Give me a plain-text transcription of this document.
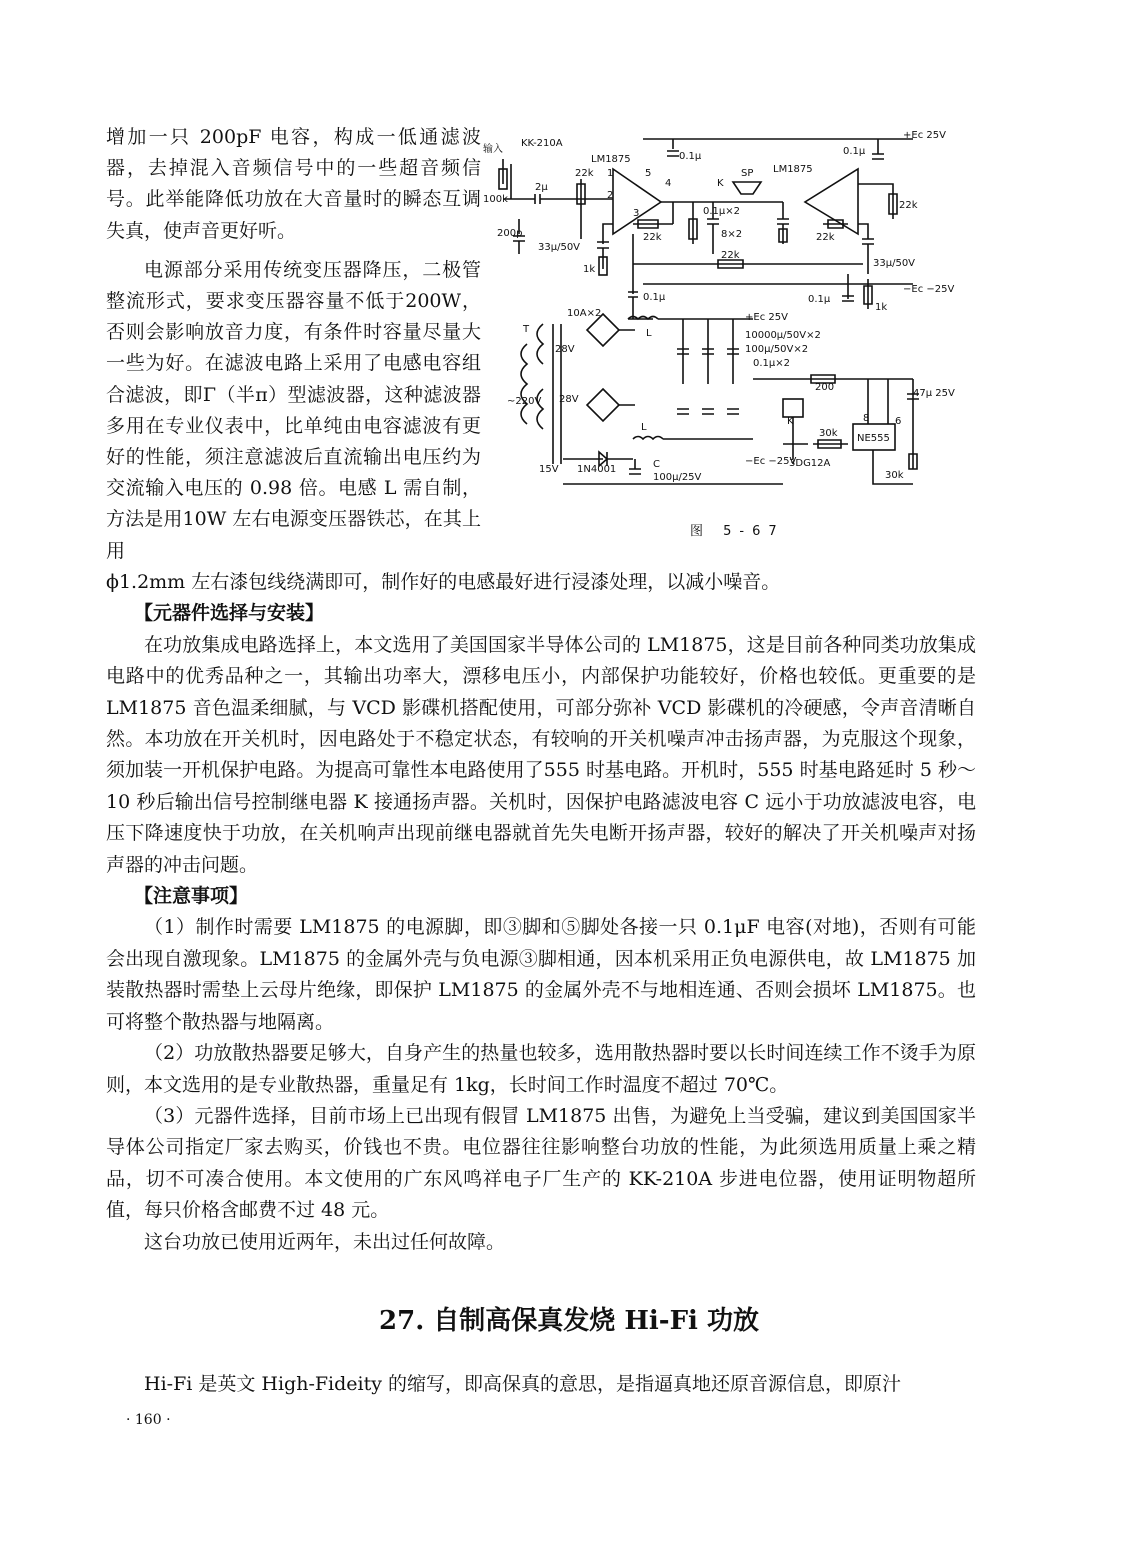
增加一只 200pF 电容，构成一低通滤波器，去掉混入音频信号中的一些超音频信号。此举能降低功放在大音量时的瞬态互调失真，使声音更好听。

电源部分采用传统变压器降压，二极管整流形式，要求变压器容量不低于200W，否则会影响放音力度，有条件时容量尽量大一些为好。在滤波电路上采用了电感电容组合滤波，即Γ（半π）型滤波器，这种滤波器多用在专业仪表中，比单纯由电容滤波有更好的性能，须注意滤波后直流输出电压约为交流输入电压的 0.98 倍。电感 L 需自制，方法是用10W 左右电源变压器铁芯，在其上用

输入
KK-210A
100k
LM1875
LM1875
2μ
200p
22k
22k
22k
22k
22k
0.1μ	0.1μ
0.1μ
0.1μ
0.1μ×2
8×2
33μ/50V
33μ/50V
1k
1k
SP
K
+Ec 25V
−Ec −25V
10A×2
T
~220V
28V
28V
15V 1N4001
L
L
10000μ/50V×2
100μ/50V×2
0.1μ×2
+Ec 25V
−Ec −25V
C
100μ/25V
200
30k
30k
NE555
47μ 25V
3DG12A
K
1
2
3
4
5
8	6
图 5-67

ϕ1.2mm 左右漆包线绕满即可，制作好的电感最好进行浸漆处理，以减小噪音。

【元器件选择与安装】

在功放集成电路选择上，本文选用了美国国家半导体公司的 LM1875，这是目前各种同类功放集成电路中的优秀品种之一，其输出功率大，漂移电压小，内部保护功能较好，价格也较低。更重要的是 LM1875 音色温柔细腻，与 VCD 影碟机搭配使用，可部分弥补 VCD 影碟机的冷硬感，令声音清晰自然。本功放在开关机时，因电路处于不稳定状态，有较响的开关机噪声冲击扬声器，为克服这个现象，须加装一开机保护电路。为提高可靠性本电路使用了555 时基电路。开机时，555 时基电路延时 5 秒～10 秒后输出信号控制继电器 K 接通扬声器。关机时，因保护电路滤波电容 C 远小于功放滤波电容，电压下降速度快于功放，在关机响声出现前继电器就首先失电断开扬声器，较好的解决了开关机噪声对扬声器的冲击问题。

【注意事项】

（1）制作时需要 LM1875 的电源脚，即③脚和⑤脚处各接一只 0.1μF 电容(对地)，否则有可能会出现自激现象。LM1875 的金属外壳与负电源③脚相通，因本机采用正负电源供电，故 LM1875 加装散热器时需垫上云母片绝缘，即保护 LM1875 的金属外壳不与地相连通、否则会损坏 LM1875。也可将整个散热器与地隔离。

（2）功放散热器要足够大，自身产生的热量也较多，选用散热器时要以长时间连续工作不烫手为原则，本文选用的是专业散热器，重量足有 1kg，长时间工作时温度不超过 70℃。

（3）元器件选择，目前市场上已出现有假冒 LM1875 出售，为避免上当受骗，建议到美国国家半导体公司指定厂家去购买，价钱也不贵。电位器往往影响整台功放的性能，为此须选用质量上乘之精品，切不可凑合使用。本文使用的广东风鸣祥电子厂生产的 KK-210A 步进电位器，使用证明物超所值，每只价格含邮费不过 48 元。

这台功放已使用近两年，未出过任何故障。

27. 自制高保真发烧 Hi-Fi 功放

Hi-Fi 是英文 High-Fideity 的缩写，即高保真的意思，是指逼真地还原音源信息，即原汁

· 160 ·
